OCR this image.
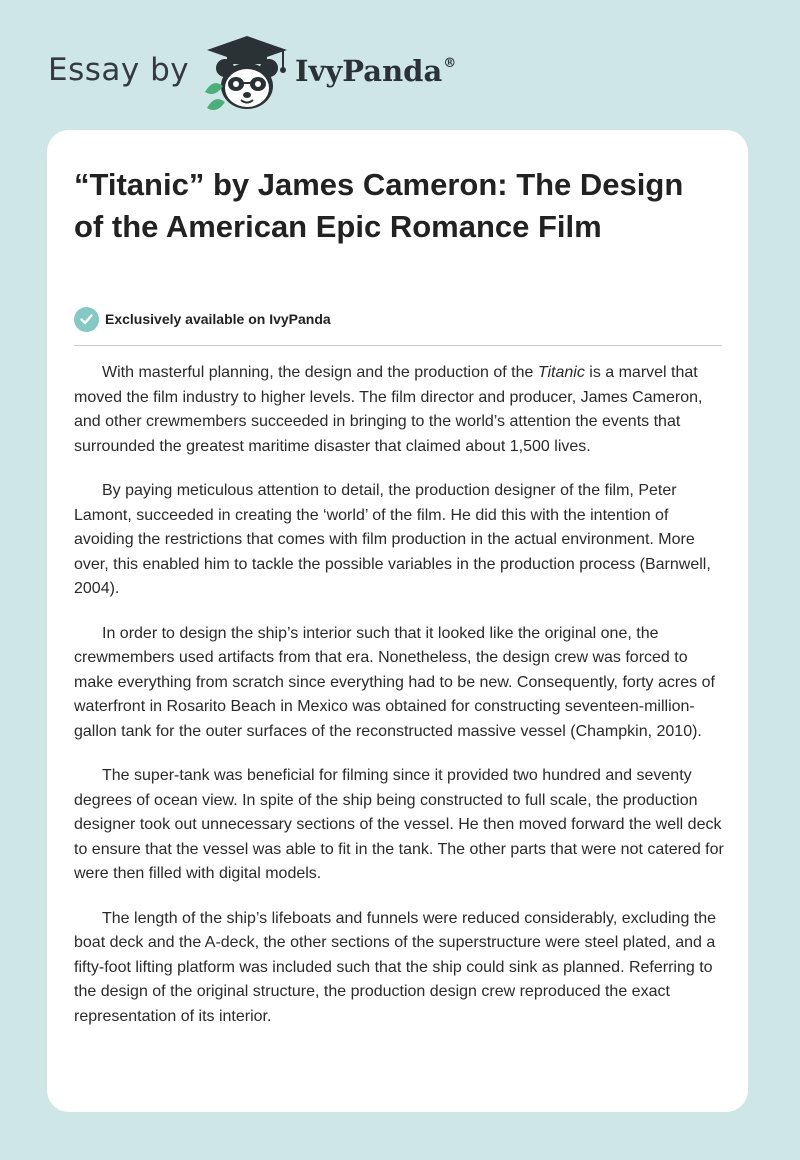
Essay by	IvyPanda®
“Titanic” by James Cameron: The Design of the American Epic Romance Film
Exclusively available on IvyPanda

With masterful planning, the design and the production of the Titanic is a marvel that moved the film industry to higher levels. The film director and producer, James Cameron, and other crewmembers succeeded in bringing to the world’s attention the events that surrounded the greatest maritime disaster that claimed about 1,500 lives.

By paying meticulous attention to detail, the production designer of the film, Peter Lamont, succeeded in creating the ‘world’ of the film. He did this with the intention of avoiding the restrictions that comes with film production in the actual environment. More over, this enabled him to tackle the possible variables in the production process (Barnwell, 2004).

In order to design the ship’s interior such that it looked like the original one, the crewmembers used artifacts from that era. Nonetheless, the design crew was forced to make everything from scratch since everything had to be new. Consequently, forty acres of waterfront in Rosarito Beach in Mexico was obtained for constructing seventeen-million-gallon tank for the outer surfaces of the reconstructed massive vessel (Champkin, 2010).

The super-tank was beneficial for filming since it provided two hundred and seventy degrees of ocean view. In spite of the ship being constructed to full scale, the production designer took out unnecessary sections of the vessel. He then moved forward the well deck to ensure that the vessel was able to fit in the tank. The other parts that were not catered for were then filled with digital models.

The length of the ship’s lifeboats and funnels were reduced considerably, excluding the boat deck and the A-deck, the other sections of the superstructure were steel plated, and a fifty-foot lifting platform was included such that the ship could sink as planned. Referring to the design of the original structure, the production design crew reproduced the exact representation of its interior.
